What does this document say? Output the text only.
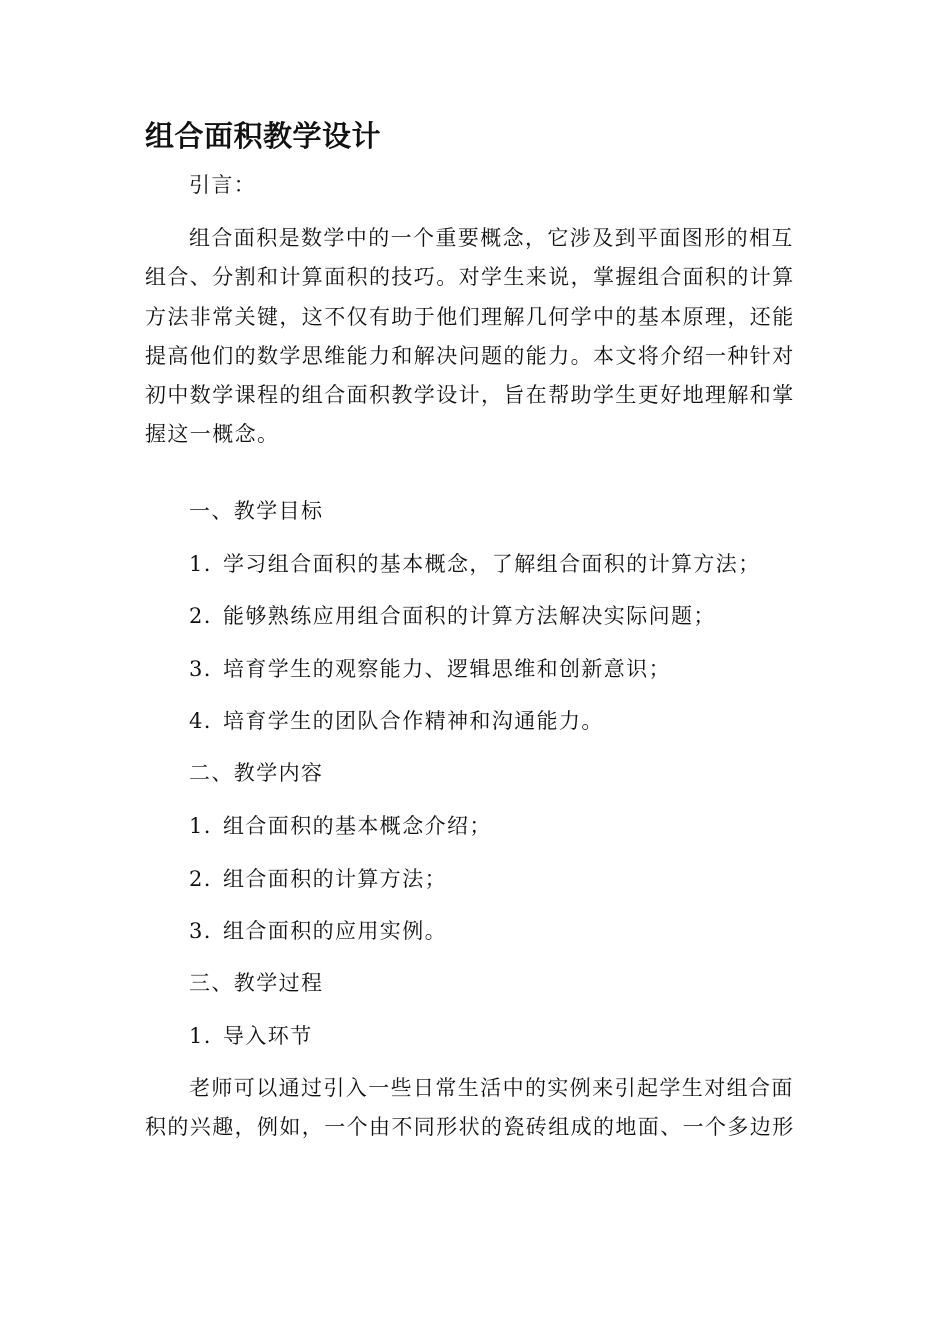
组合面积教学设计

引言：

组合面积是数学中的一个重要概念，它涉及到平面图形的相互

组合、分割和计算面积的技巧。对学生来说，掌握组合面积的计算

方法非常关键，这不仅有助于他们理解几何学中的基本原理，还能

提高他们的数学思维能力和解决问题的能力。本文将介绍一种针对

初中数学课程的组合面积教学设计，旨在帮助学生更好地理解和掌

握这一概念。

一、教学目标

1. 学习组合面积的基本概念，了解组合面积的计算方法；

2. 能够熟练应用组合面积的计算方法解决实际问题；

3. 培育学生的观察能力、逻辑思维和创新意识；

4. 培育学生的团队合作精神和沟通能力。

二、教学内容

1. 组合面积的基本概念介绍；

2. 组合面积的计算方法；

3. 组合面积的应用实例。

三、教学过程

1. 导入环节

老师可以通过引入一些日常生活中的实例来引起学生对组合面

积的兴趣，例如，一个由不同形状的瓷砖组成的地面、一个多边形
